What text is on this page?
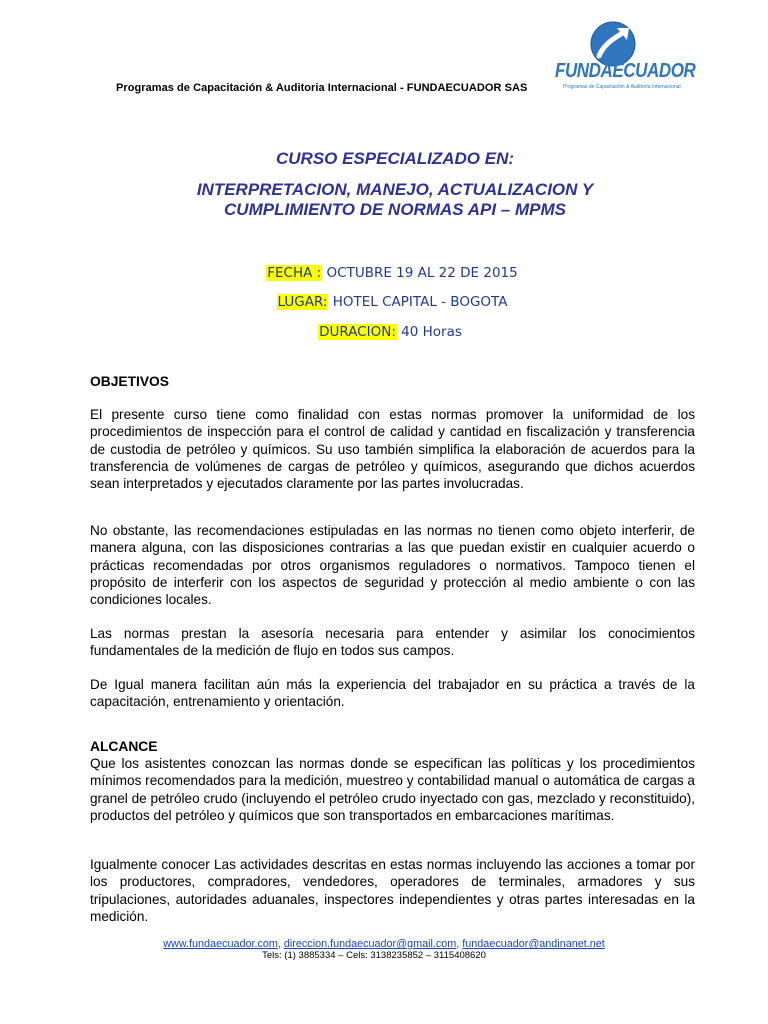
Programas de Capacitación & Auditoria Internacional - FUNDAECUADOR SAS
FUNDAECUADOR
Programas de Capacitación & Auditoría Internacional
CURSO ESPECIALIZADO EN:
INTERPRETACION, MANEJO, ACTUALIZACION Y
CUMPLIMIENTO DE NORMAS API – MPMS
FECHA : OCTUBRE 19 AL 22 DE 2015
LUGAR: HOTEL CAPITAL - BOGOTA
DURACION: 40 Horas
OBJETIVOS
El presente curso tiene como finalidad con estas normas promover la uniformidad de los procedimientos de inspección para el control de calidad y cantidad en fiscalización y transferencia de custodia de petróleo y químicos. Su uso también simplifica la elaboración de acuerdos para la transferencia de volúmenes de cargas de petróleo y químicos, asegurando que dichos acuerdos sean interpretados y ejecutados claramente por las partes involucradas.
No obstante, las recomendaciones estipuladas en las normas no tienen como objeto interferir, de manera alguna, con las disposiciones contrarias a las que puedan existir en cualquier acuerdo o prácticas recomendadas por otros organismos reguladores o normativos. Tampoco tienen el propósito de interferir con los aspectos de seguridad y protección al medio ambiente o con las condiciones locales.
Las normas prestan la asesoría necesaria para entender y asimilar los conocimientos fundamentales de la medición de flujo en todos sus campos.
De Igual manera facilitan aún más la experiencia del trabajador en su práctica a través de la capacitación, entrenamiento y orientación.
ALCANCE
Que los asistentes conozcan las normas donde se especifican las políticas y los procedimientos mínimos recomendados para la medición, muestreo y contabilidad manual o automática de cargas a granel de petróleo crudo (incluyendo el petróleo crudo inyectado con gas, mezclado y reconstituido), productos del petróleo y químicos que son transportados en embarcaciones marítimas.
Igualmente conocer Las actividades descritas en estas normas incluyendo las acciones a tomar por los productores, compradores, vendedores, operadores de terminales, armadores y sus tripulaciones, autoridades aduanales, inspectores independientes y otras partes interesadas en la medición.
www.fundaecuador.com, direccion.fundaecuador@gmail.com, fundaecuador@andinanet.net
Tels: (1) 3885334 – Cels: 3138235852 – 3115408620
